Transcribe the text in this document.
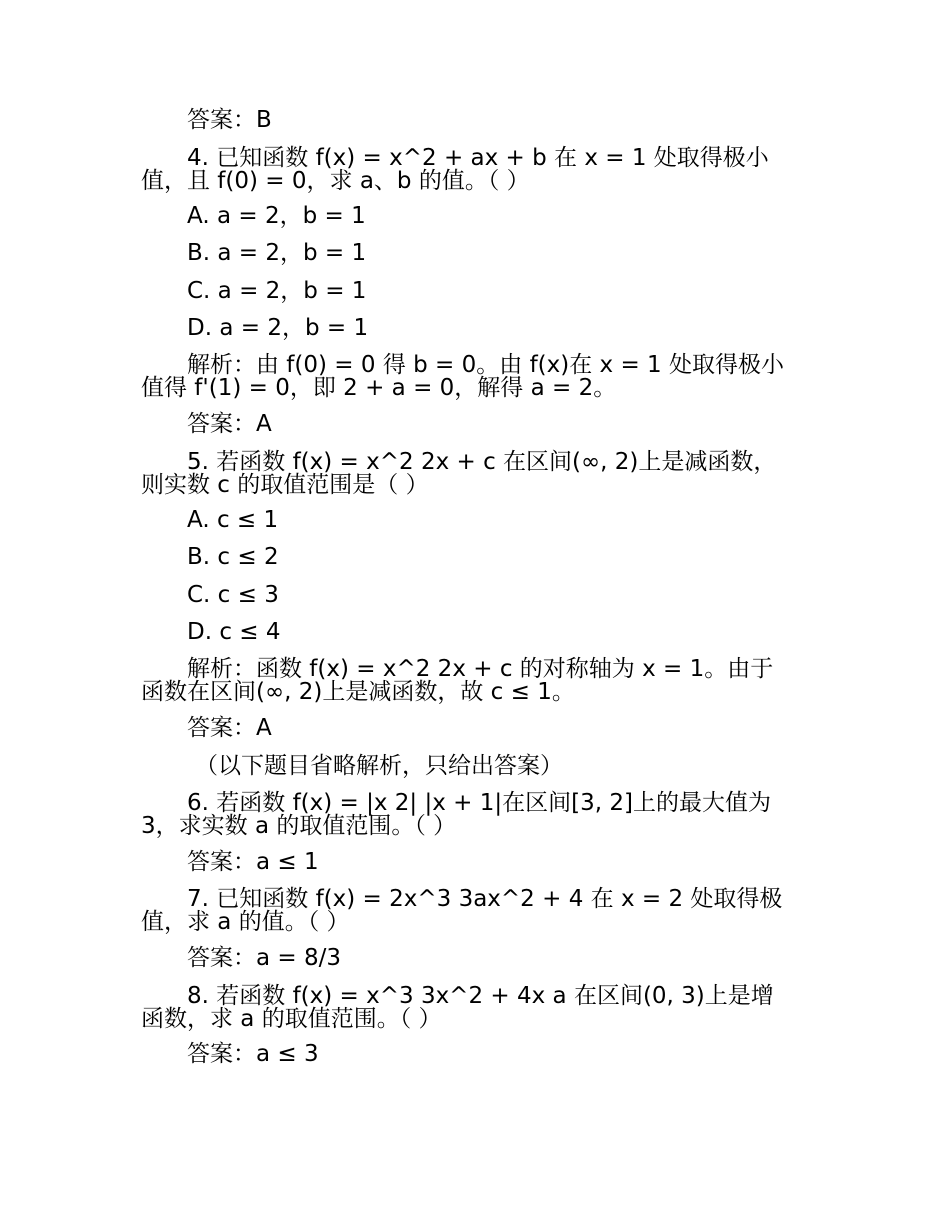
答案：B
4. 已知函数 f(x) = x^2 + ax + b 在 x = 1 处取得极小
值，且 f(0) = 0，求 a、b 的值。（ ）
A. a = 2，b = 1
B. a = 2，b = 1
C. a = 2，b = 1
D. a = 2，b = 1
解析：由 f(0) = 0 得 b = 0。由 f(x)在 x = 1 处取得极小
值得 f'(1) = 0，即 2 + a = 0，解得 a = 2。
答案：A
5. 若函数 f(x) = x^2 2x + c 在区间(∞, 2)上是减函数，
则实数 c 的取值范围是（ ）
A. c ≤ 1
B. c ≤ 2
C. c ≤ 3
D. c ≤ 4
解析：函数 f(x) = x^2 2x + c 的对称轴为 x = 1。由于
函数在区间(∞, 2)上是减函数，故 c ≤ 1。
答案：A
（以下题目省略解析，只给出答案）
6. 若函数 f(x) = |x 2| |x + 1|在区间[3, 2]上的最大值为
3，求实数 a 的取值范围。（ ）
答案：a ≤ 1
7. 已知函数 f(x) = 2x^3 3ax^2 + 4 在 x = 2 处取得极
值，求 a 的值。（ ）
答案：a = 8/3
8. 若函数 f(x) = x^3 3x^2 + 4x a 在区间(0, 3)上是增
函数，求 a 的取值范围。（ ）
答案：a ≤ 3
